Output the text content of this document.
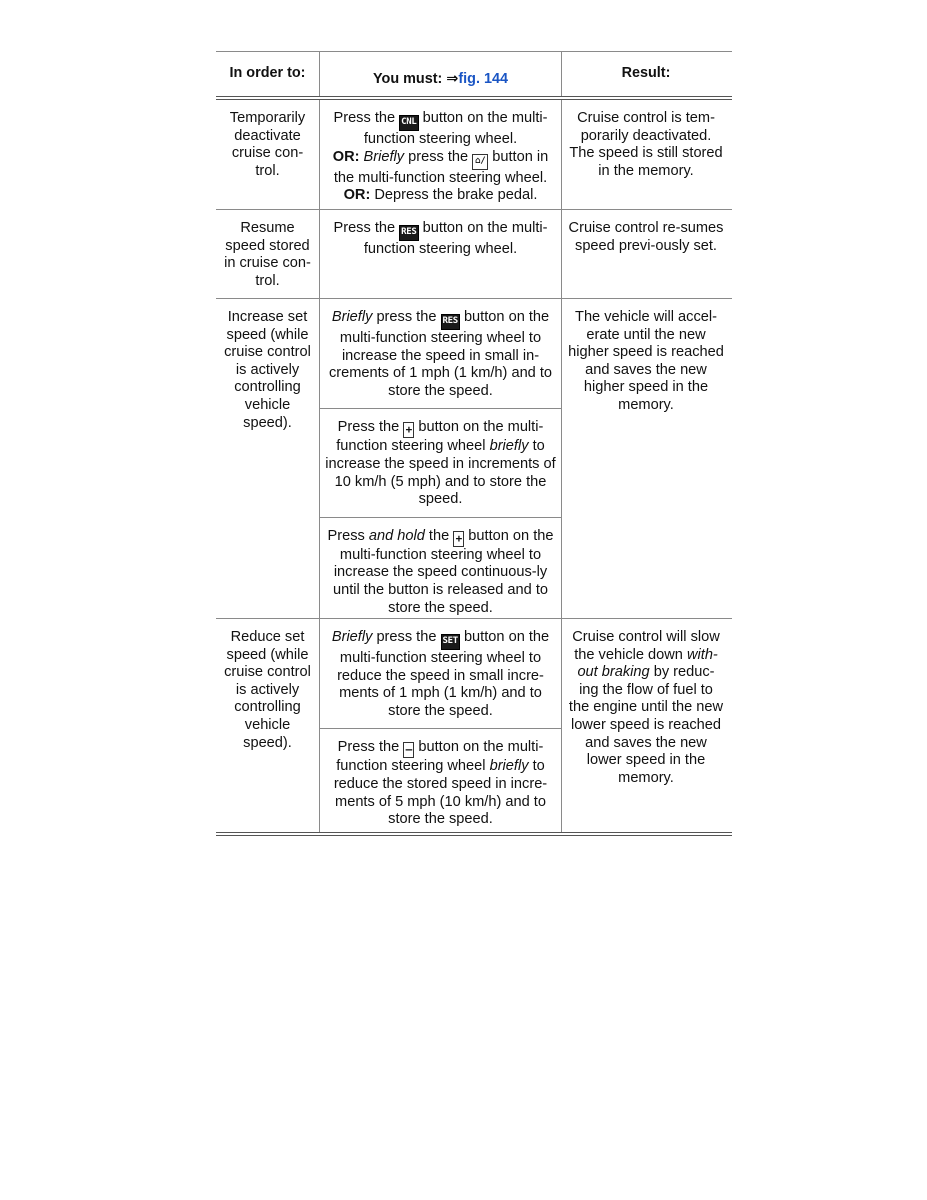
In order to:	You must: ⇒fig. 144	Result:
Temporarily deactivate cruise con-trol.
Press the CNL button on the multi-function steering wheel.
OR: Briefly press the ⌂/ button in the multi-function steering wheel.
OR: Depress the brake pedal.
Cruise control is tem-porarily deactivated. The speed is still stored in the memory.
Resume speed stored in cruise con-trol.
Press the RES button on the multi-function steering wheel.
Cruise control re-sumes speed previ-ously set.
Increase set speed (while cruise control is actively controlling vehicle speed).
Briefly press the RES button on the multi-function steering wheel to increase the speed in small in-crements of 1 mph (1 km/h) and to store the speed.
Press the + button on the multi-function steering wheel briefly to increase the speed in increments of 10 km/h (5 mph) and to store the speed.
Press and hold the + button on the multi-function steering wheel to increase the speed continuous-ly until the button is released and to store the speed.
The vehicle will accel-erate until the new higher speed is reached and saves the new higher speed in the memory.
Reduce set speed (while cruise control is actively controlling vehicle speed).
Briefly press the SET button on the multi-function steering wheel to reduce the speed in small incre-ments of 1 mph (1 km/h) and to store the speed.
Press the – button on the multi-function steering wheel briefly to reduce the stored speed in incre-ments of 5 mph (10 km/h) and to store the speed.
Cruise control will slow the vehicle down with-out braking by reduc-ing the flow of fuel to the engine until the new lower speed is reached and saves the new lower speed in the memory.
